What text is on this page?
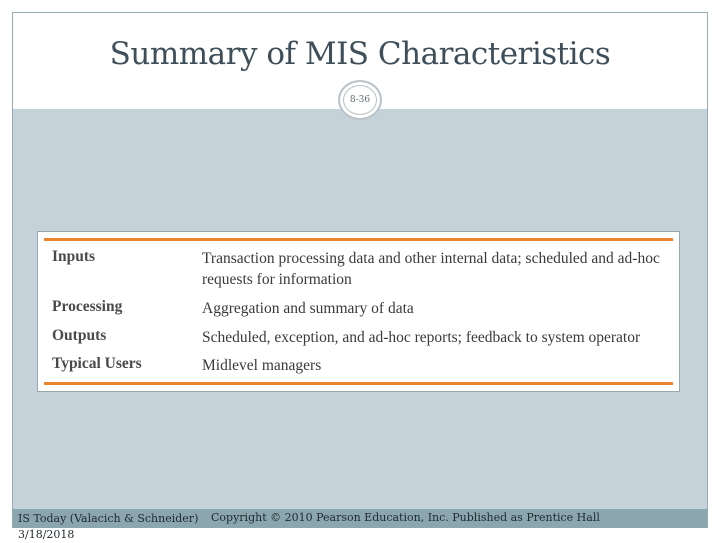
Summary of MIS Characteristics
8-36
Inputs	Transaction processing data and other internal data; scheduled and ad-hoc requests for information
Processing	Aggregation and summary of data
Outputs	Scheduled, exception, and ad-hoc reports; feedback to system operator
Typical Users	Midlevel managers
IS Today (Valacich & Schneider)
3/18/2018
Copyright © 2010 Pearson Education, Inc. Published as Prentice Hall
